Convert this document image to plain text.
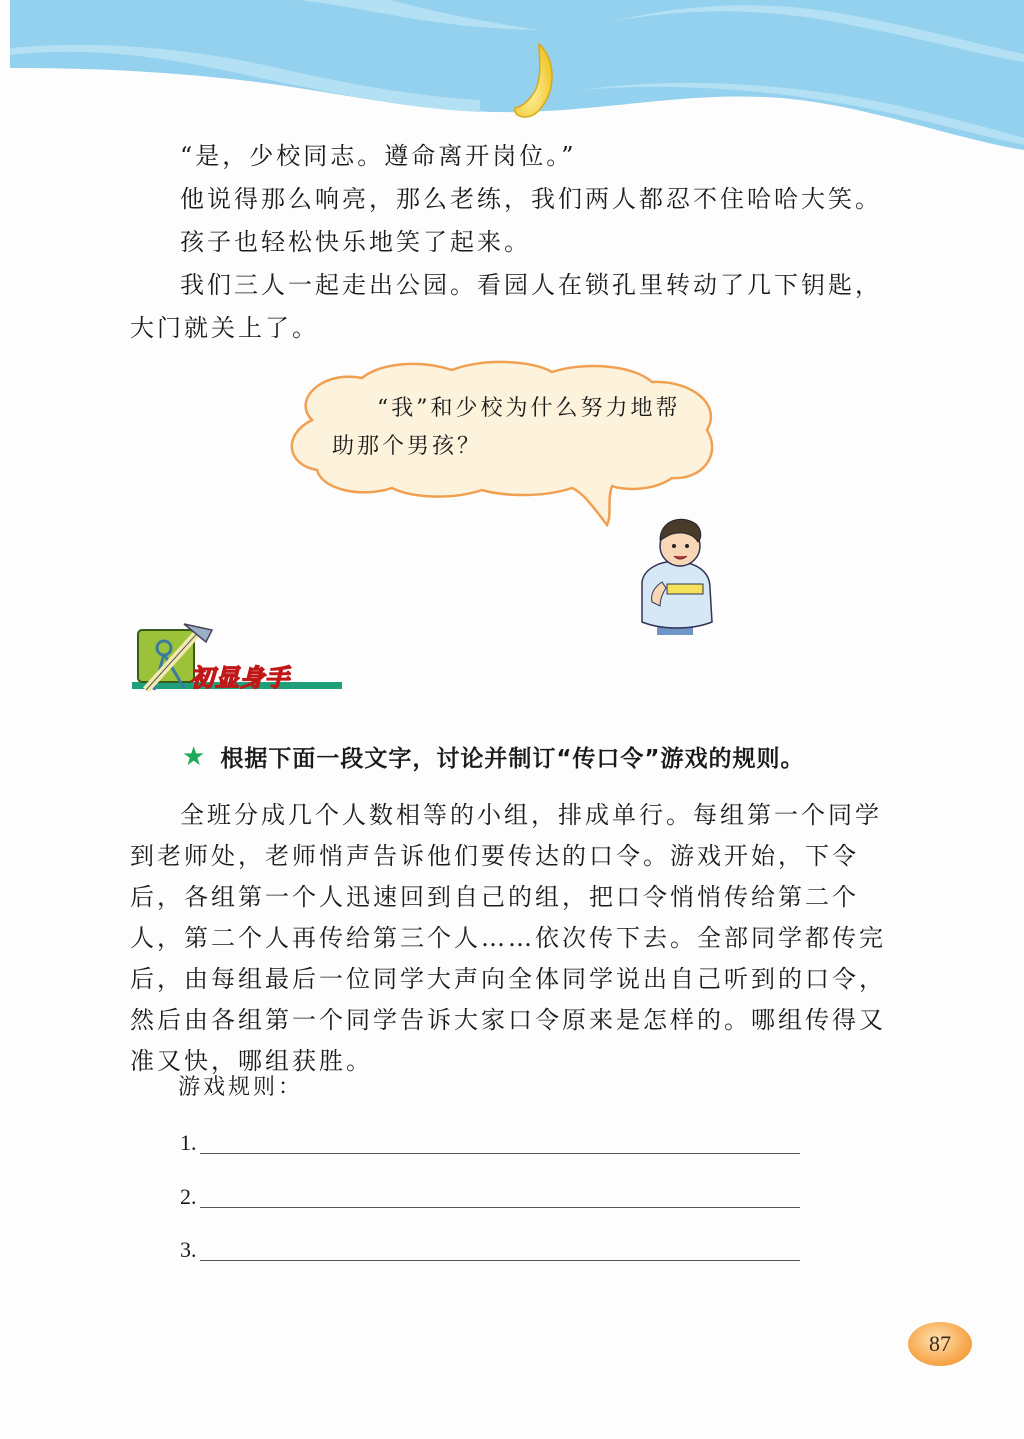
“是，少校同志。遵命离开岗位。”

他说得那么响亮，那么老练，我们两人都忍不住哈哈大笑。

孩子也轻松快乐地笑了起来。

我们三人一起走出公园。看园人在锁孔里转动了几下钥匙，大门就关上了。

“我”和少校为什么努力地帮助那个男孩？

初显身手
★ 根据下面一段文字，讨论并制订“传口令”游戏的规则。

全班分成几个人数相等的小组，排成单行。每组第一个同学到老师处，老师悄声告诉他们要传达的口令。游戏开始，下令后，各组第一个人迅速回到自己的组，把口令悄悄传给第二个人，第二个人再传给第三个人……依次传下去。全部同学都传完后，由每组最后一位同学大声向全体同学说出自己听到的口令，然后由各组第一个同学告诉大家口令原来是怎样的。哪组传得又准又快，哪组获胜。

游戏规则：
1.
2.
3.
87
